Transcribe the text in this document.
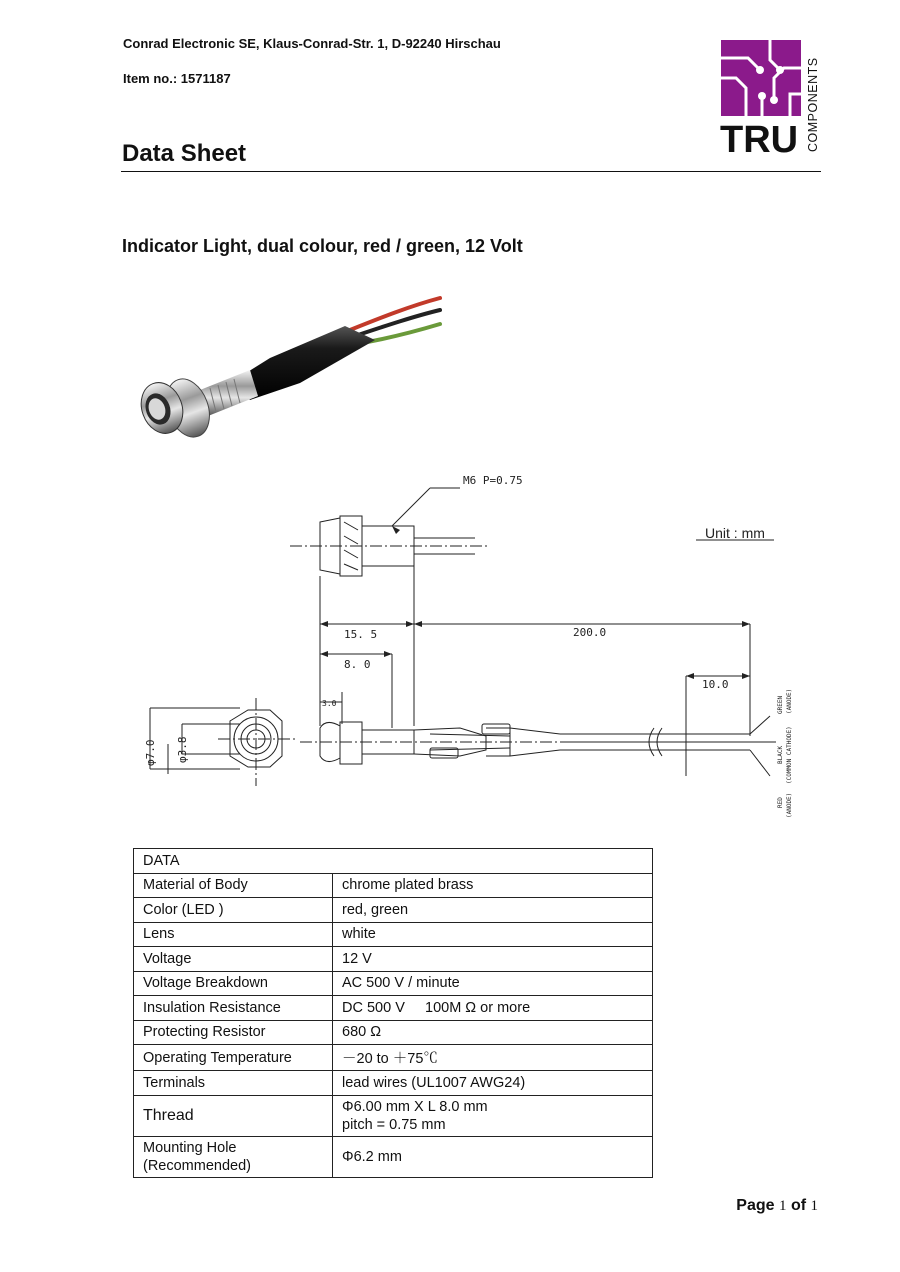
Conrad Electronic SE, Klaus-Conrad-Str. 1, D-92240 Hirschau
Item no.: 1571187
Data Sheet	TRU COMPONENTS
Indicator Light, dual colour, red / green, 12 Volt
M6 P=0.75
Unit : mm
15. 5	200.0
8. 0
10.0
3.0
φ7.0 φ3.8
GREEN (ANODE)
BLACK (COMMON CATHODE)
RED (ANODE)
DATA	
Material of Body	chrome plated brass
Color (LED )	red, green
Lens	white
Voltage	12 V
Voltage Breakdown	AC 500 V / minute
Insulation Resistance	DC 500 V     100M Ω or more
Protecting Resistor	680 Ω
Operating Temperature	－20 to ＋75℃
Terminals	lead wires (UL1007 AWG24)
Thread	Φ6.00 mm X L 8.0 mm
pitch = 0.75 mm

Mounting Hole
(Recommended)	Φ6.2 mm
Page 1 of 1
